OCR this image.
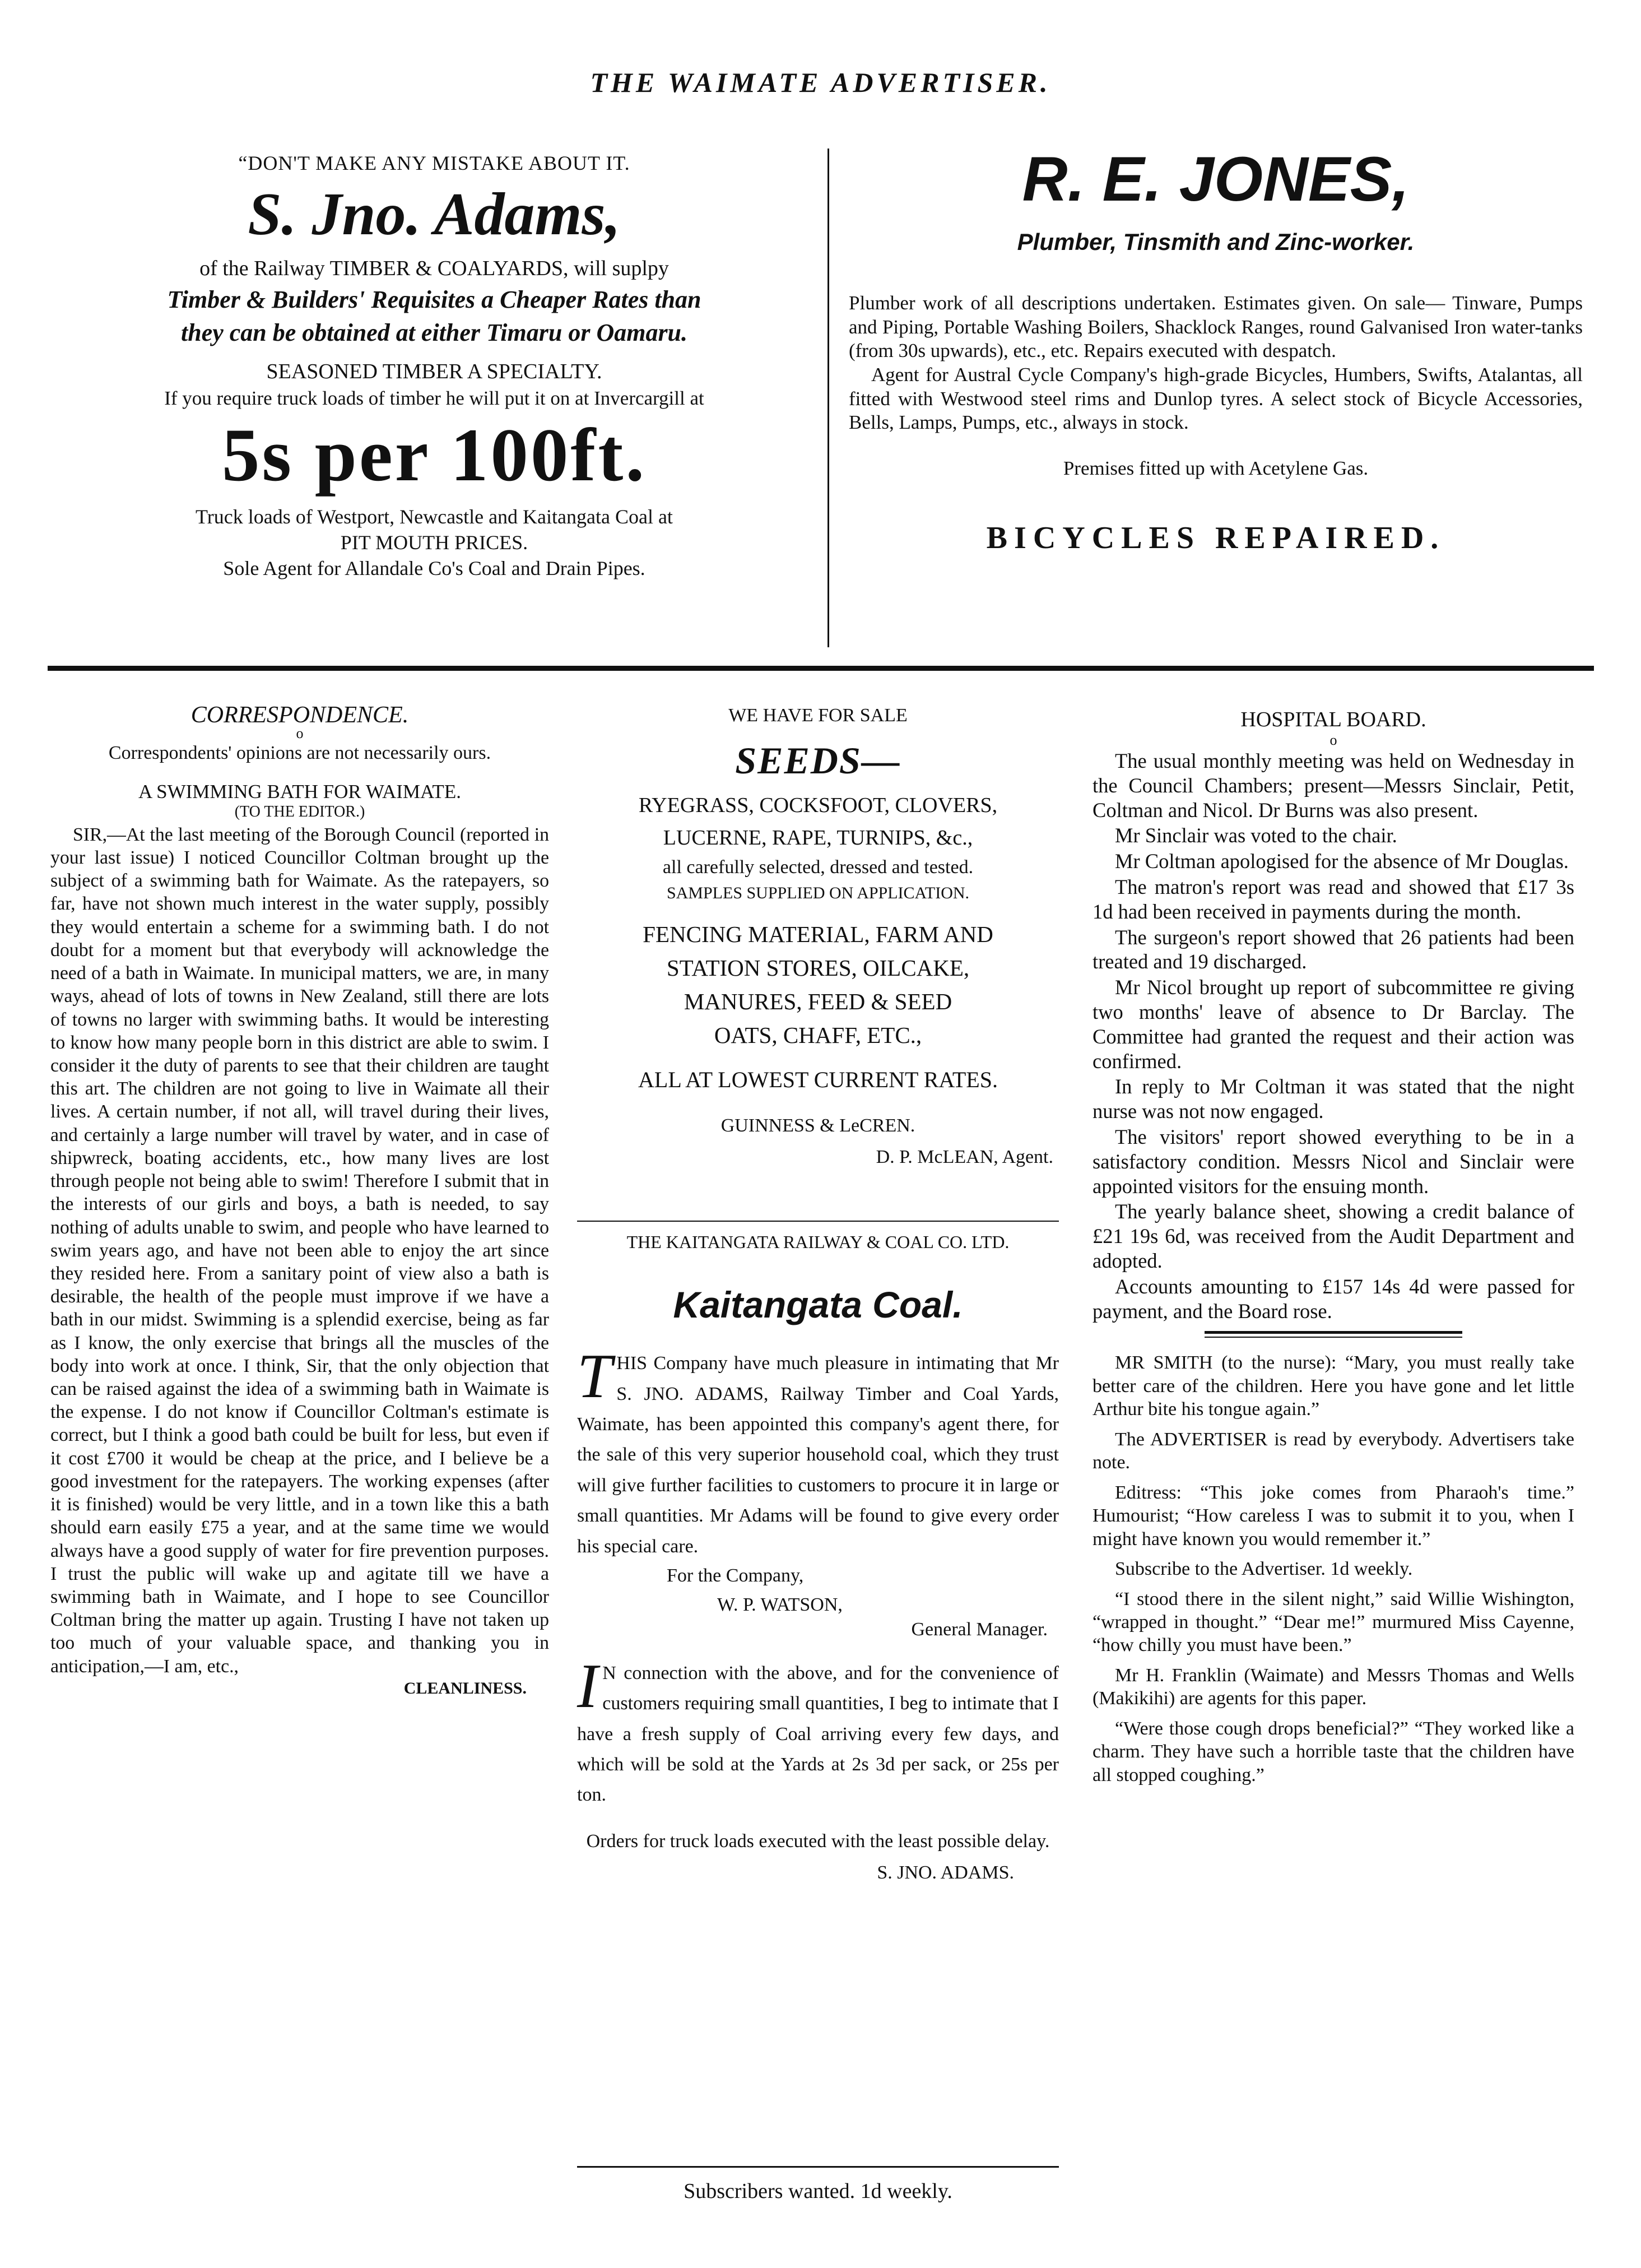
THE WAIMATE ADVERTISER.
“DON'T MAKE ANY MISTAKE ABOUT IT.
S. Jno. Adams,
of the Railway TIMBER & COALYARDS, will suplpy
Timber & Builders' Requisites a Cheaper Rates than
they can be obtained at either Timaru or Oamaru.
SEASONED TIMBER A SPECIALTY.
If you require truck loads of timber he will put it on at Invercargill at
5s per 100ft.
Truck loads of Westport, Newcastle and Kaitangata Coal at
PIT MOUTH PRICES.
Sole Agent for Allandale Co's Coal and Drain Pipes.
R. E. JONES,
Plumber, Tinsmith and Zinc-worker.

Plumber work of all descriptions undertaken. Estimates given. On sale— Tinware, Pumps and Piping, Portable Washing Boilers, Shacklock Ranges, round Galvanised Iron water-tanks (from 30s upwards), etc., etc. Repairs executed with despatch.

Agent for Austral Cycle Company's high-grade Bicycles, Humbers, Swifts, Atalantas, all fitted with Westwood steel rims and Dunlop tyres. A select stock of Bicycle Accessories, Bells, Lamps, Pumps, etc., always in stock.

Premises fitted up with Acetylene Gas.
BICYCLES REPAIRED.
CORRESPONDENCE.
o

Correspondents' opinions are not necessarily ours.

A SWIMMING BATH FOR WAIMATE.
(TO THE EDITOR.)

SIR,—At the last meeting of the Borough Council (reported in your last issue) I noticed Councillor Coltman brought up the subject of a swimming bath for Waimate. As the ratepayers, so far, have not shown much interest in the water supply, possibly they would entertain a scheme for a swimming bath. I do not doubt for a moment but that everybody will acknowledge the need of a bath in Waimate. In municipal matters, we are, in many ways, ahead of lots of towns in New Zealand, still there are lots of towns no larger with swimming baths. It would be interesting to know how many people born in this district are able to swim. I consider it the duty of parents to see that their children are taught this art. The children are not going to live in Waimate all their lives. A certain number, if not all, will travel during their lives, and certainly a large number will travel by water, and in case of shipwreck, boating accidents, etc., how many lives are lost through people not being able to swim! Therefore I submit that in the interests of our girls and boys, a bath is needed, to say nothing of adults unable to swim, and people who have learned to swim years ago, and have not been able to enjoy the art since they resided here. From a sanitary point of view also a bath is desirable, the health of the people must improve if we have a bath in our midst. Swimming is a splendid exercise, being as far as I know, the only exercise that brings all the muscles of the body into work at once. I think, Sir, that the only objection that can be raised against the idea of a swimming bath in Waimate is the expense. I do not know if Councillor Coltman's estimate is correct, but I think a good bath could be built for less, but even if it cost £700 it would be cheap at the price, and I believe be a good investment for the ratepayers. The working expenses (after it is finished) would be very little, and in a town like this a bath should earn easily £75 a year, and at the same time we would always have a good supply of water for fire prevention purposes. I trust the public will wake up and agitate till we have a swimming bath in Waimate, and I hope to see Councillor Coltman bring the matter up again. Trusting I have not taken up too much of your valuable space, and thanking you in anticipation,—I am, etc.,

CLEANLINESS.
WE HAVE FOR SALE
SEEDS—
RYEGRASS, COCKSFOOT, CLOVERS,
LUCERNE, RAPE, TURNIPS, &c.,
all carefully selected, dressed and tested.
SAMPLES SUPPLIED ON APPLICATION.
FENCING MATERIAL, FARM AND
STATION STORES, OILCAKE,
MANURES, FEED & SEED
OATS, CHAFF, ETC.,
ALL AT LOWEST CURRENT RATES.
GUINNESS & LeCREN.
D. P. McLEAN, Agent.
THE KAITANGATA RAILWAY & COAL CO. LTD.
Kaitangata Coal.
T HIS Company have much pleasure in intimating that Mr S. JNO. ADAMS, Railway Timber and Coal Yards, Waimate, has been appointed this company's agent there, for the sale of this very superior household coal, which they trust will give further facilities to customers to procure it in large or small quantities. Mr Adams will be found to give every order his special care.
For the Company,
W. P. WATSON,
General Manager.
I N connection with the above, and for the convenience of customers requiring small quantities, I beg to intimate that I have a fresh supply of Coal arriving every few days, and which will be sold at the Yards at 2s 3d per sack, or 25s per ton.
Orders for truck loads executed with the least possible delay.
S. JNO. ADAMS.
Subscribers wanted. 1d weekly.
HOSPITAL BOARD.
o

The usual monthly meeting was held on Wednesday in the Council Chambers; present—Messrs Sinclair, Petit, Coltman and Nicol. Dr Burns was also present.

Mr Sinclair was voted to the chair.

Mr Coltman apologised for the absence of Mr Douglas.

The matron's report was read and showed that £17 3s 1d had been received in payments during the month.

The surgeon's report showed that 26 patients had been treated and 19 discharged.

Mr Nicol brought up report of subcommittee re giving two months' leave of absence to Dr Barclay. The Committee had granted the request and their action was confirmed.

In reply to Mr Coltman it was stated that the night nurse was not now engaged.

The visitors' report showed everything to be in a satisfactory condition. Messrs Nicol and Sinclair were appointed visitors for the ensuing month.

The yearly balance sheet, showing a credit balance of £21 19s 6d, was received from the Audit Department and adopted.

Accounts amounting to £157 14s 4d were passed for payment, and the Board rose.

MR SMITH (to the nurse): “Mary, you must really take better care of the children. Here you have gone and let little Arthur bite his tongue again.”

The ADVERTISER is read by everybody. Advertisers take note.

Editress: “This joke comes from Pharaoh's time.” Humourist; “How careless I was to submit it to you, when I might have known you would remember it.”

Subscribe to the Advertiser. 1d weekly.

“I stood there in the silent night,” said Willie Wishington, “wrapped in thought.” “Dear me!” murmured Miss Cayenne, “how chilly you must have been.”

Mr H. Franklin (Waimate) and Messrs Thomas and Wells (Makikihi) are agents for this paper.

“Were those cough drops beneficial?” “They worked like a charm. They have such a horrible taste that the children have all stopped coughing.”
